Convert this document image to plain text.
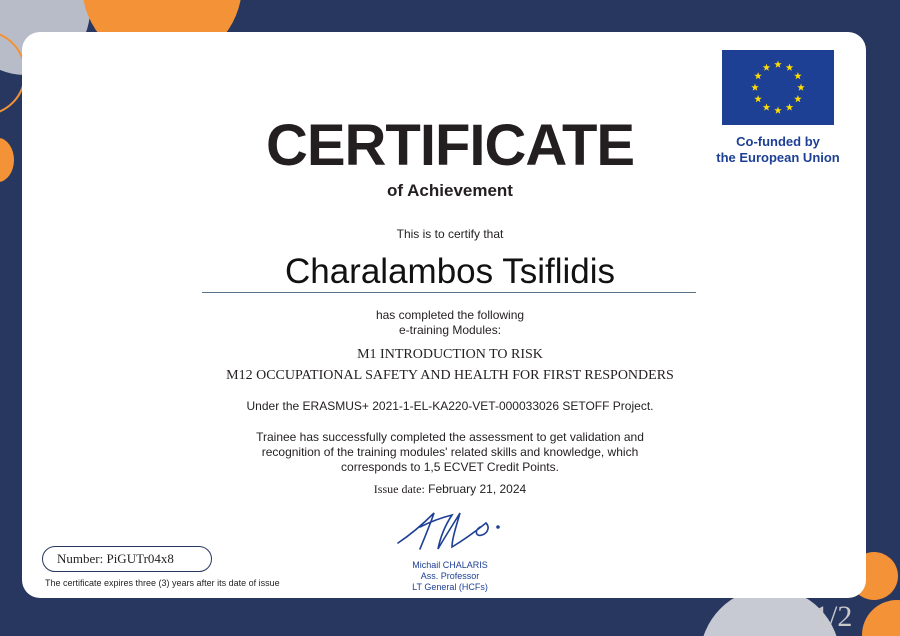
CERTIFICATE
of Achievement
This is to certify that
Charalambos Tsiflidis
has completed the following
e-training Modules:
M1 INTRODUCTION TO RISK
M12 OCCUPATIONAL SAFETY AND HEALTH FOR FIRST RESPONDERS
Under the ERASMUS+ 2021-1-EL-KA220-VET-000033026 SETOFF Project.
Trainee has successfully completed the assessment to get validation and
recognition of the training modules' related skills and knowledge, which
corresponds to 1,5 ECVET Credit Points.
Issue date: February 21, 2024
Co-funded by
the European Union
Michail CHALARIS
Ass. Professor
LT General (HCFs)
Number: PiGUTr04x8
The certificate expires three (3) years after its date of issue
1/2
